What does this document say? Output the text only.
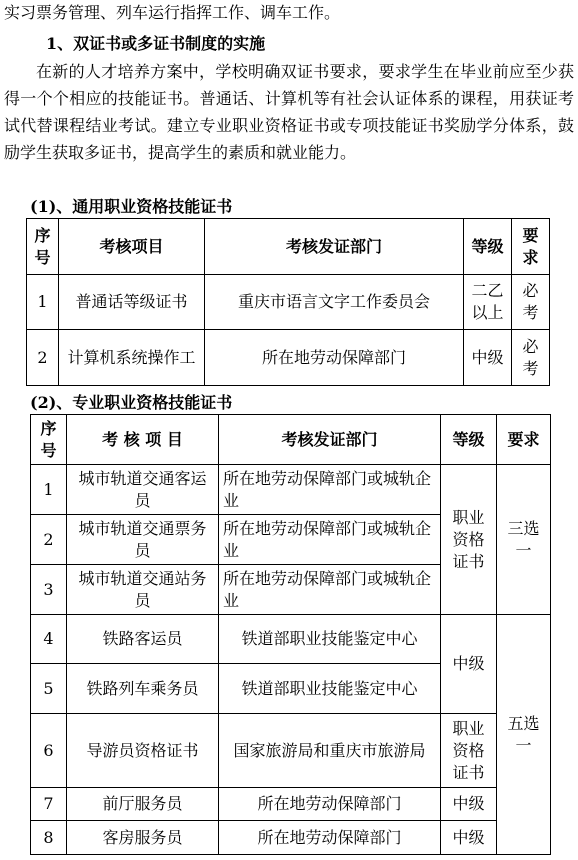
实习票务管理、列车运行指挥工作、调车工作。
1、双证书或多证书制度的实施

在新的人才培养方案中，学校明确双证书要求，要求学生在毕业前应至少获得一个个相应的技能证书。普通话、计算机等有社会认证体系的课程，用获证考试代替课程结业考试。建立专业职业资格证书或专项技能证书奖励学分体系，鼓励学生获取多证书，提高学生的素质和就业能力。

(1)、通用职业资格技能证书
序号	考核项目	考核发证部门	等级	要求
1	普通话等级证书	重庆市语言文字工作委员会	二乙以上	必考
2	计算机系统操作工	所在地劳动保障部门	中级	必考
(2)、专业职业资格技能证书
序号	考 核 项 目	考核发证部门	等级	要求
1	城市轨道交通客运员	所在地劳动保障部门或城轨企业	职业资格证书	三选一
2	城市轨道交通票务员	所在地劳动保障部门或城轨企业		
3	城市轨道交通站务员	所在地劳动保障部门或城轨企业		
4	铁路客运员	铁道部职业技能鉴定中心	中级	五选一
5	铁路列车乘务员	铁道部职业技能鉴定中心		
6	导游员资格证书	国家旅游局和重庆市旅游局	职业资格证书	
7	前厅服务员	所在地劳动保障部门	中级	
8	客房服务员	所在地劳动保障部门	中级	
